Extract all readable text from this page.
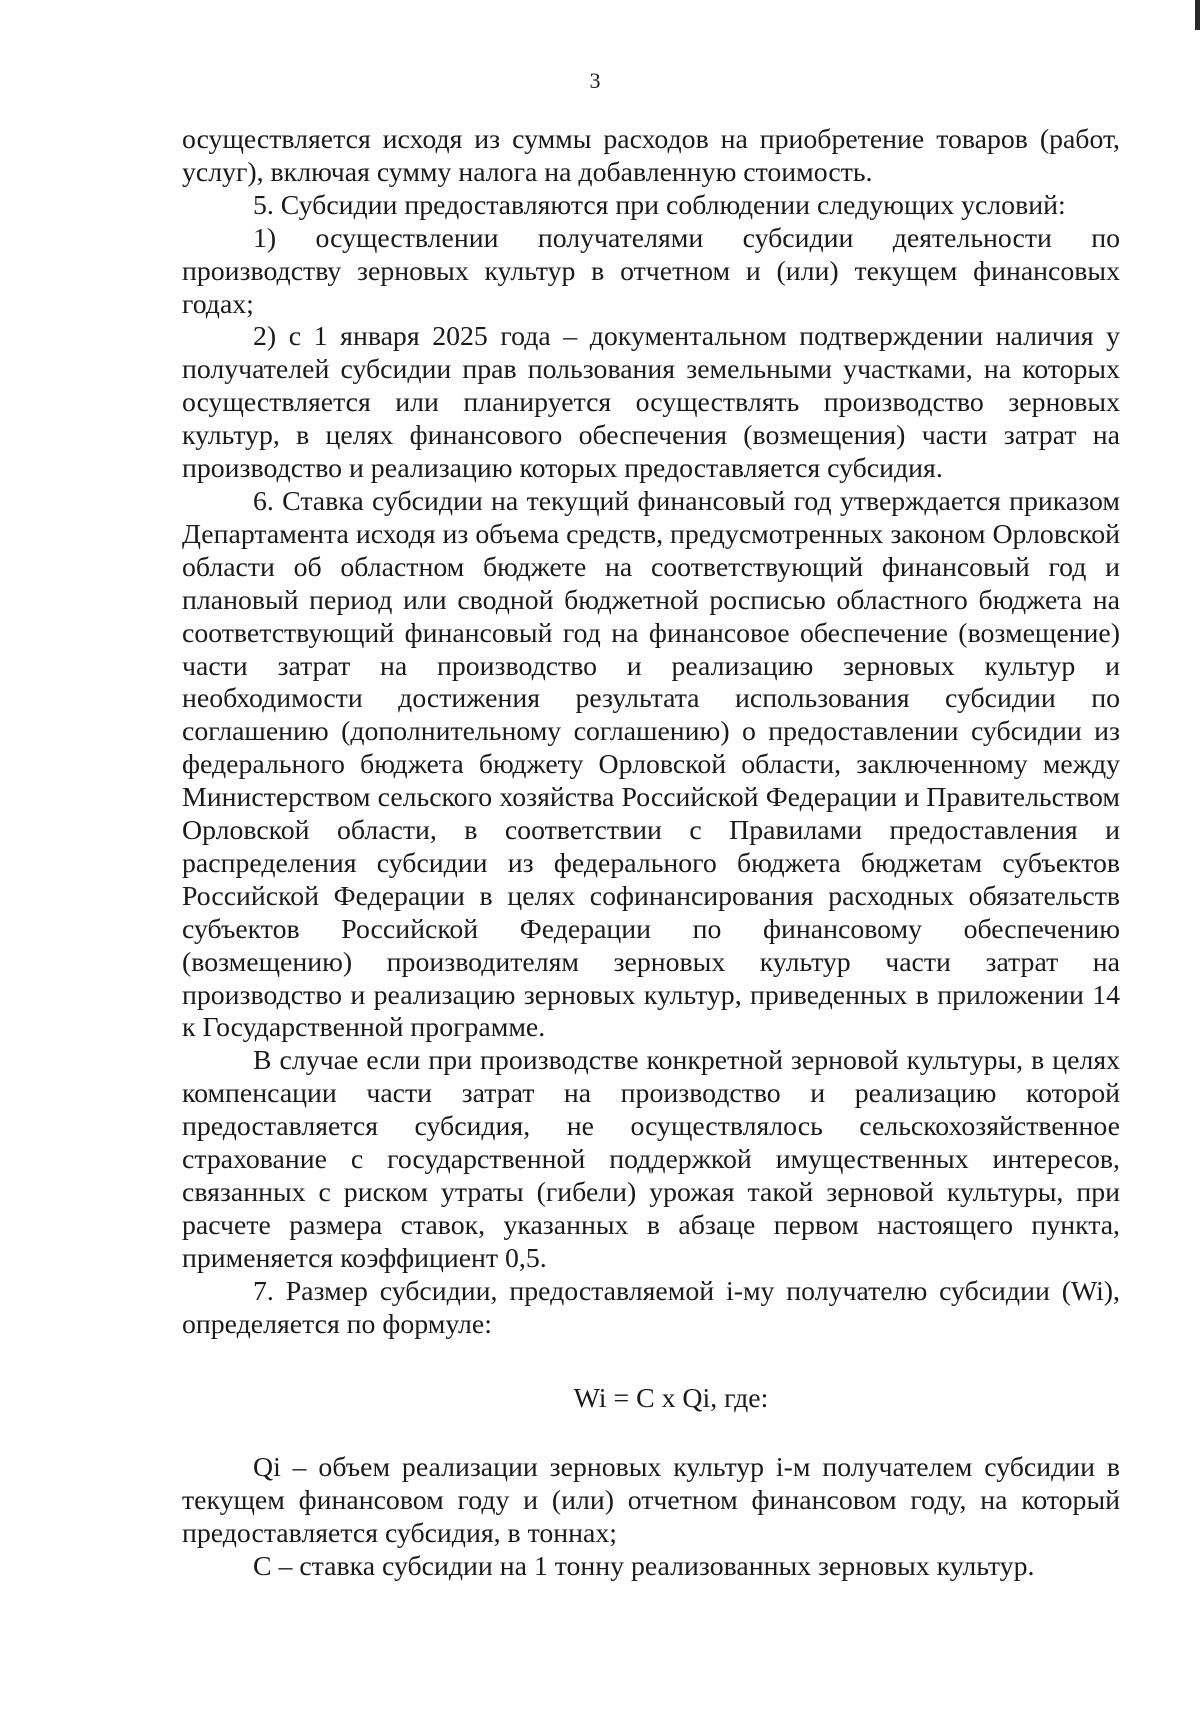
3

осуществляется исходя из суммы расходов на приобретение товаров (работ, услуг), включая сумму налога на добавленную стоимость.

5. Субсидии предоставляются при соблюдении следующих условий:

1) осуществлении получателями субсидии деятельности по производству зерновых культур в отчетном и (или) текущем финансовых годах;

2) с 1 января 2025 года – документальном подтверждении наличия у получателей субсидии прав пользования земельными участками, на которых осуществляется или планируется осуществлять производство зерновых культур, в целях финансового обеспечения (возмещения) части затрат на производство и реализацию которых предоставляется субсидия.

6. Ставка субсидии на текущий финансовый год утверждается приказом Департамента исходя из объема средств, предусмотренных законом Орловской области об областном бюджете на соответствующий финансовый год и плановый период или сводной бюджетной росписью областного бюджета на соответствующий финансовый год на финансовое обеспечение (возмещение) части затрат на производство и реализацию зерновых культур и необходимости достижения результата использования субсидии по соглашению (дополнительному соглашению) о предоставлении субсидии из федерального бюджета бюджету Орловской области, заключенному между Министерством сельского хозяйства Российской Федерации и Правительством Орловской области, в соответствии с Правилами предоставления и распределения субсидии из федерального бюджета бюджетам субъектов Российской Федерации в целях софинансирования расходных обязательств субъектов Российской Федерации по финансовому обеспечению (возмещению) производителям зерновых культур части затрат на производство и реализацию зерновых культур, приведенных в приложении 14 к Государственной программе.

В случае если при производстве конкретной зерновой культуры, в целях компенсации части затрат на производство и реализацию которой предоставляется субсидия, не осуществлялось сельскохозяйственное страхование с государственной поддержкой имущественных интересов, связанных с риском утраты (гибели) урожая такой зерновой культуры, при расчете размера ставок, указанных в абзаце первом настоящего пункта, применяется коэффициент 0,5.

7. Размер субсидии, предоставляемой i-му получателю субсидии (Wi), определяется по формуле:

Wi = C x Qi, где:

Qi – объем реализации зерновых культур i-м получателем субсидии в текущем финансовом году и (или) отчетном финансовом году, на который предоставляется субсидия, в тоннах;

C – ставка субсидии на 1 тонну реализованных зерновых культур.
